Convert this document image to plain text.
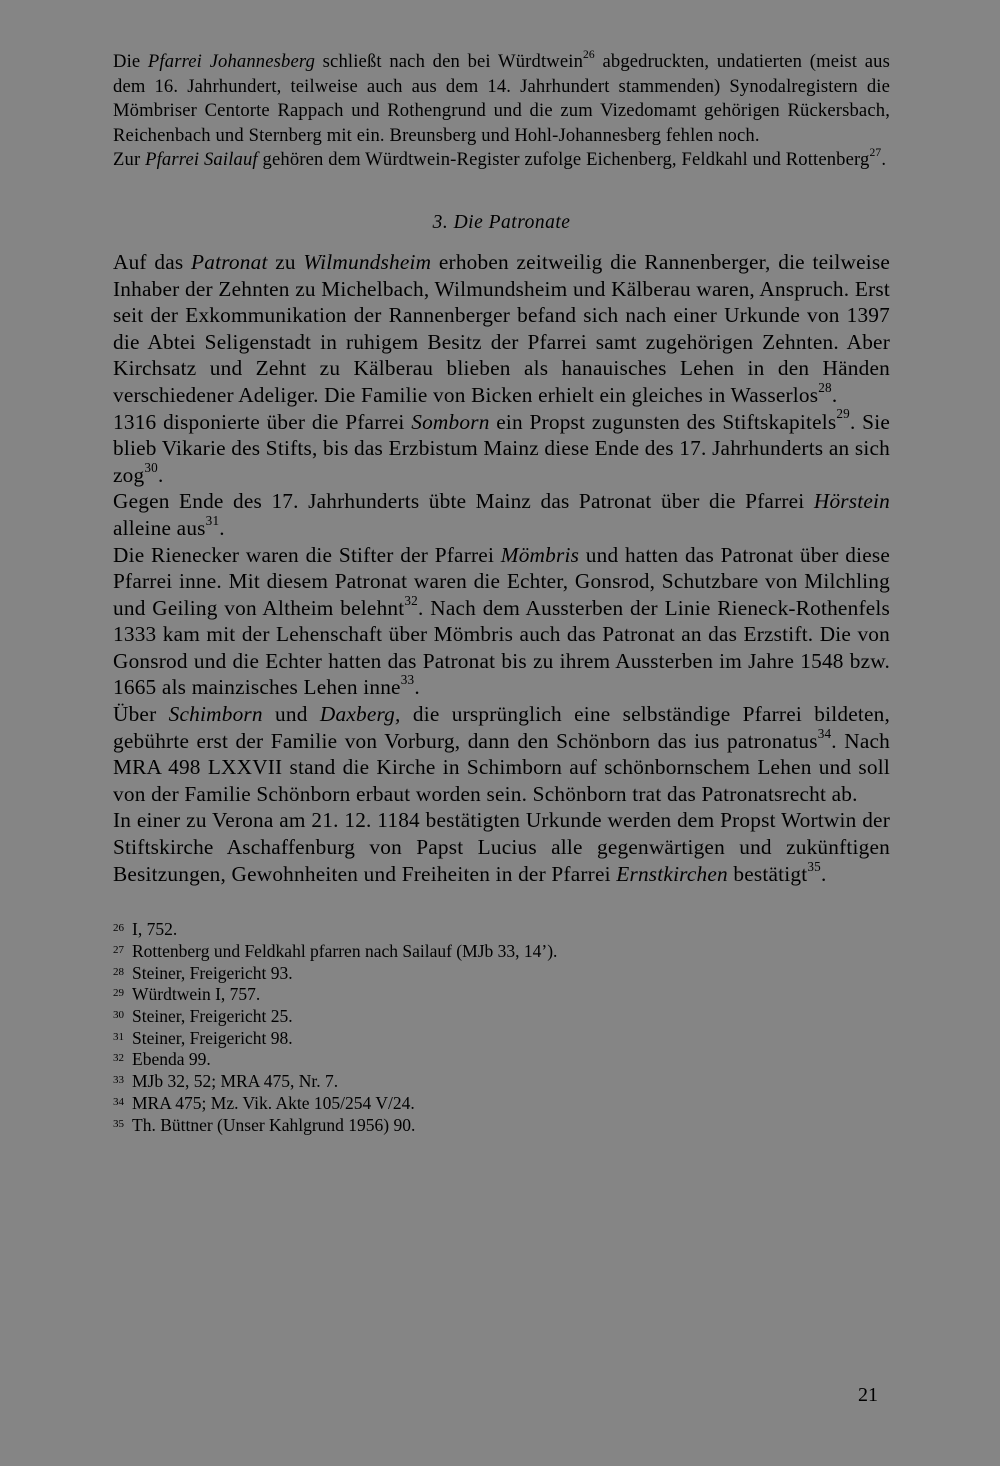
Die Pfarrei Johannesberg schließt nach den bei Würdtwein$^{26}$ abgedruckten, undatierten (meist aus dem 16. Jahrhundert, teilweise auch aus dem 14. Jahrhundert stammenden) Synodalregistern die Mömbriser Centorte Rappach und Rothengrund und die zum Vizedomamt gehörigen Rückersbach, Reichenbach und Sternberg mit ein. Breunsberg und Hohl-Johannesberg fehlen noch.

Zur Pfarrei Sailauf gehören dem Würdtwein-Register zufolge Eichenberg, Feldkahl und Rottenberg$^{27}$.

3. Die Patronate

Auf das Patronat zu Wilmundsheim erhoben zeitweilig die Rannenberger, die teilweise Inhaber der Zehnten zu Michelbach, Wilmundsheim und Kälberau waren, Anspruch. Erst seit der Exkommunikation der Rannenberger befand sich nach einer Urkunde von 1397 die Abtei Seligenstadt in ruhigem Besitz der Pfarrei samt zugehörigen Zehnten. Aber Kirchsatz und Zehnt zu Kälberau blieben als hanauisches Lehen in den Händen verschiedener Adeliger. Die Familie von Bicken erhielt ein gleiches in Wasserlos$^{28}$.

1316 disponierte über die Pfarrei Somborn ein Propst zugunsten des Stiftskapitels$^{29}$. Sie blieb Vikarie des Stifts, bis das Erzbistum Mainz diese Ende des 17. Jahrhunderts an sich zog$^{30}$.

Gegen Ende des 17. Jahrhunderts übte Mainz das Patronat über die Pfarrei Hörstein alleine aus$^{31}$.

Die Rienecker waren die Stifter der Pfarrei Mömbris und hatten das Patronat über diese Pfarrei inne. Mit diesem Patronat waren die Echter, Gonsrod, Schutzbare von Milchling und Geiling von Altheim belehnt$^{32}$. Nach dem Aussterben der Linie Rieneck-Rothenfels 1333 kam mit der Lehenschaft über Mömbris auch das Patronat an das Erzstift. Die von Gonsrod und die Echter hatten das Patronat bis zu ihrem Aussterben im Jahre 1548 bzw. 1665 als mainzisches Lehen inne$^{33}$.

Über Schimborn und Daxberg, die ursprünglich eine selbständige Pfarrei bildeten, gebührte erst der Familie von Vorburg, dann den Schönborn das ius patronatus$^{34}$. Nach MRA 498 LXXVII stand die Kirche in Schimborn auf schönbornschem Lehen und soll von der Familie Schönborn erbaut worden sein. Schönborn trat das Patronatsrecht ab.

In einer zu Verona am 21. 12. 1184 bestätigten Urkunde werden dem Propst Wortwin der Stiftskirche Aschaffenburg von Papst Lucius alle gegenwärtigen und zukünftigen Besitzungen, Gewohnheiten und Freiheiten in der Pfarrei Ernstkirchen bestätigt$^{35}$.

26 I, 752.
27 Rottenberg und Feldkahl pfarren nach Sailauf (MJb 33, 14’).
28 Steiner, Freigericht 93.
29 Würdtwein I, 757.
30 Steiner, Freigericht 25.
31 Steiner, Freigericht 98.
32 Ebenda 99.
33 MJb 32, 52; MRA 475, Nr. 7.
34 MRA 475; Mz. Vik. Akte 105/254 V/24.
35 Th. Büttner (Unser Kahlgrund 1956) 90.
21
